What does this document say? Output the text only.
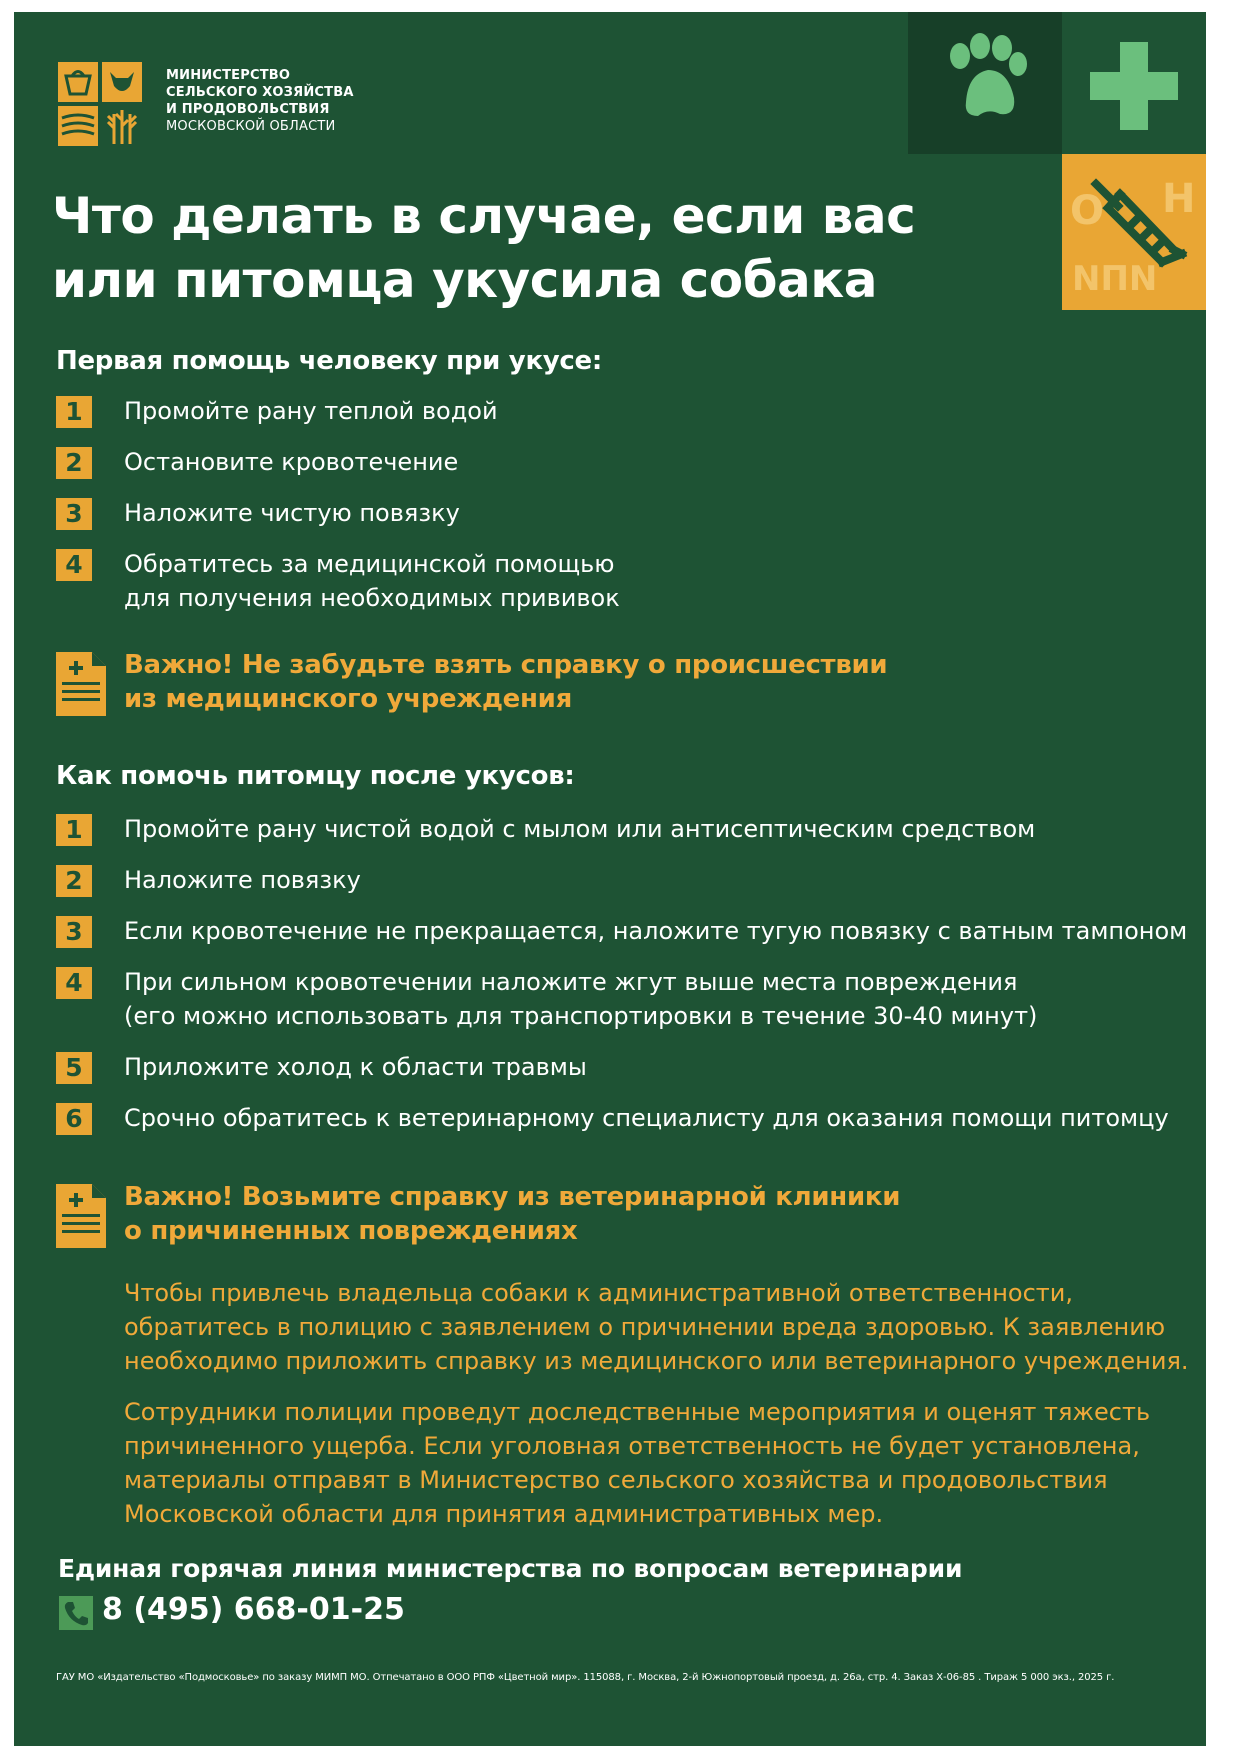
МИНИСТЕРСТВО
СЕЛЬСКОГО ХОЗЯЙСТВА
И ПРОДОВОЛЬСТВИЯ
МОСКОВСКОЙ ОБЛАСТИ
O H
NПN
Что делать в случае, если вас
или питомца укусила собака
Первая помощь человеку при укусе:
1	Промойте рану теплой водой
2	Остановите кровотечение
3	Наложите чистую повязку
4	Обратитесь за медицинской помощью
для получения необходимых прививок
Важно! Не забудьте взять справку о происшествии
из медицинского учреждения
Как помочь питомцу после укусов:
1	Промойте рану чистой водой с мылом или антисептическим средством
2	Наложите повязку
3	Если кровотечение не прекращается, наложите тугую повязку с ватным тампоном
4	При сильном кровотечении наложите жгут выше места повреждения
(его можно использовать для транспортировки в течение 30-40 минут)
5	Приложите холод к области травмы
6	Срочно обратитесь к ветеринарному специалисту для оказания помощи питомцу
Важно! Возьмите справку из ветеринарной клиники
о причиненных повреждениях
Чтобы привлечь владельца собаки к административной ответственности,
обратитесь в полицию с заявлением о причинении вреда здоровью. К заявлению
необходимо приложить справку из медицинского или ветеринарного учреждения.
Сотрудники полиции проведут доследственные мероприятия и оценят тяжесть
причиненного ущерба. Если уголовная ответственность не будет установлена,
материалы отправят в Министерство сельского хозяйства и продовольствия
Московской области для принятия административных мер.
Единая горячая линия министерства по вопросам ветеринарии
8 (495) 668-01-25
ГАУ МО «Издательство «Подмосковье» по заказу МИМП МО. Отпечатано в ООО РПФ «Цветной мир». 115088, г. Москва, 2-й Южнопортовый проезд, д. 26а, стр. 4. Заказ Х-06-85 . Тираж 5 000 экз., 2025 г.
